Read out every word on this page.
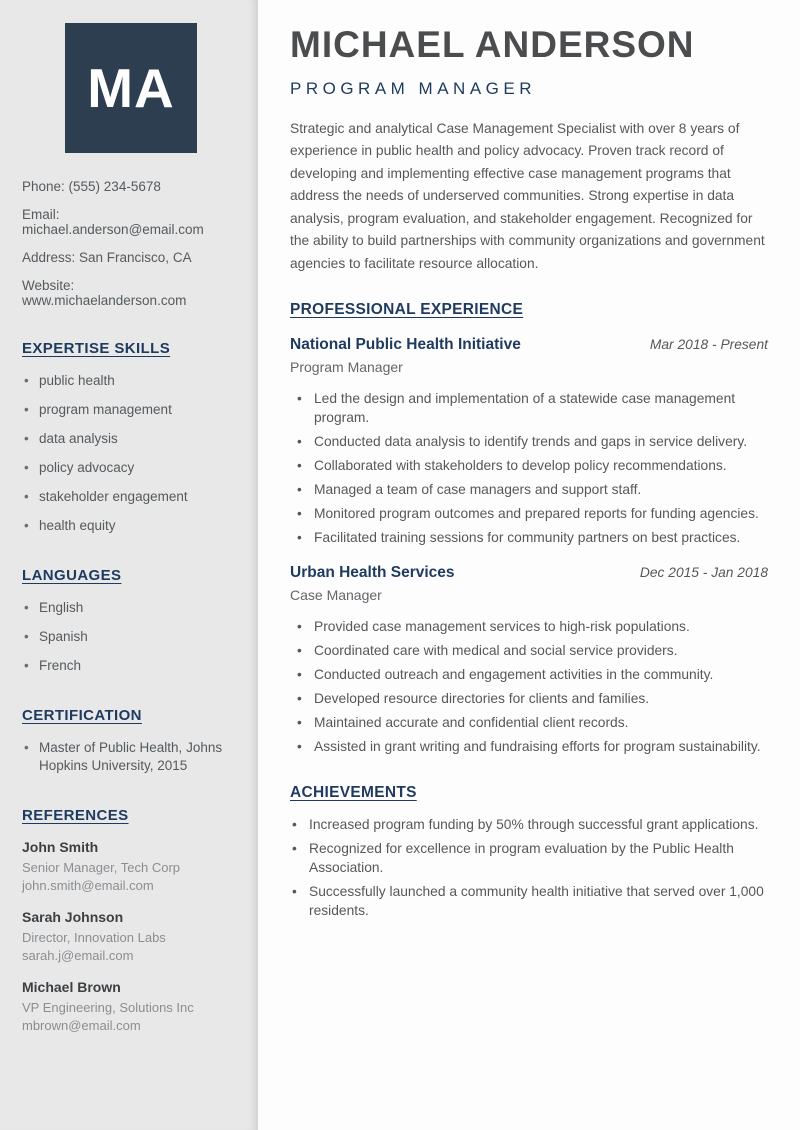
MA
Phone: (555) 234-5678
Email: michael.anderson@email.com
Address: San Francisco, CA
Website: www.michaelanderson.com
EXPERTISE SKILLS
• public health
• program management
• data analysis
• policy advocacy
• stakeholder engagement
• health equity
LANGUAGES
• English
• Spanish
• French
CERTIFICATION
• Master of Public Health, Johns Hopkins University, 2015
REFERENCES
John Smith
Senior Manager, Tech Corp
john.smith@email.com
Sarah Johnson
Director, Innovation Labs
sarah.j@email.com
Michael Brown
VP Engineering, Solutions Inc
mbrown@email.com
MICHAEL ANDERSON
PROGRAM MANAGER

Strategic and analytical Case Management Specialist with over 8 years of experience in public health and policy advocacy. Proven track record of developing and implementing effective case management programs that address the needs of underserved communities. Strong expertise in data analysis, program evaluation, and stakeholder engagement. Recognized for the ability to build partnerships with community organizations and government agencies to facilitate resource allocation.

PROFESSIONAL EXPERIENCE
National Public Health Initiative	Mar 2018 - Present
Program Manager
• Led the design and implementation of a statewide case management program.
• Conducted data analysis to identify trends and gaps in service delivery.
• Collaborated with stakeholders to develop policy recommendations.
• Managed a team of case managers and support staff.
• Monitored program outcomes and prepared reports for funding agencies.
• Facilitated training sessions for community partners on best practices.
Urban Health Services	Dec 2015 - Jan 2018
Case Manager
• Provided case management services to high-risk populations.
• Coordinated care with medical and social service providers.
• Conducted outreach and engagement activities in the community.
• Developed resource directories for clients and families.
• Maintained accurate and confidential client records.
• Assisted in grant writing and fundraising efforts for program sustainability.
ACHIEVEMENTS
• Increased program funding by 50% through successful grant applications.
• Recognized for excellence in program evaluation by the Public Health Association.
• Successfully launched a community health initiative that served over 1,000 residents.
